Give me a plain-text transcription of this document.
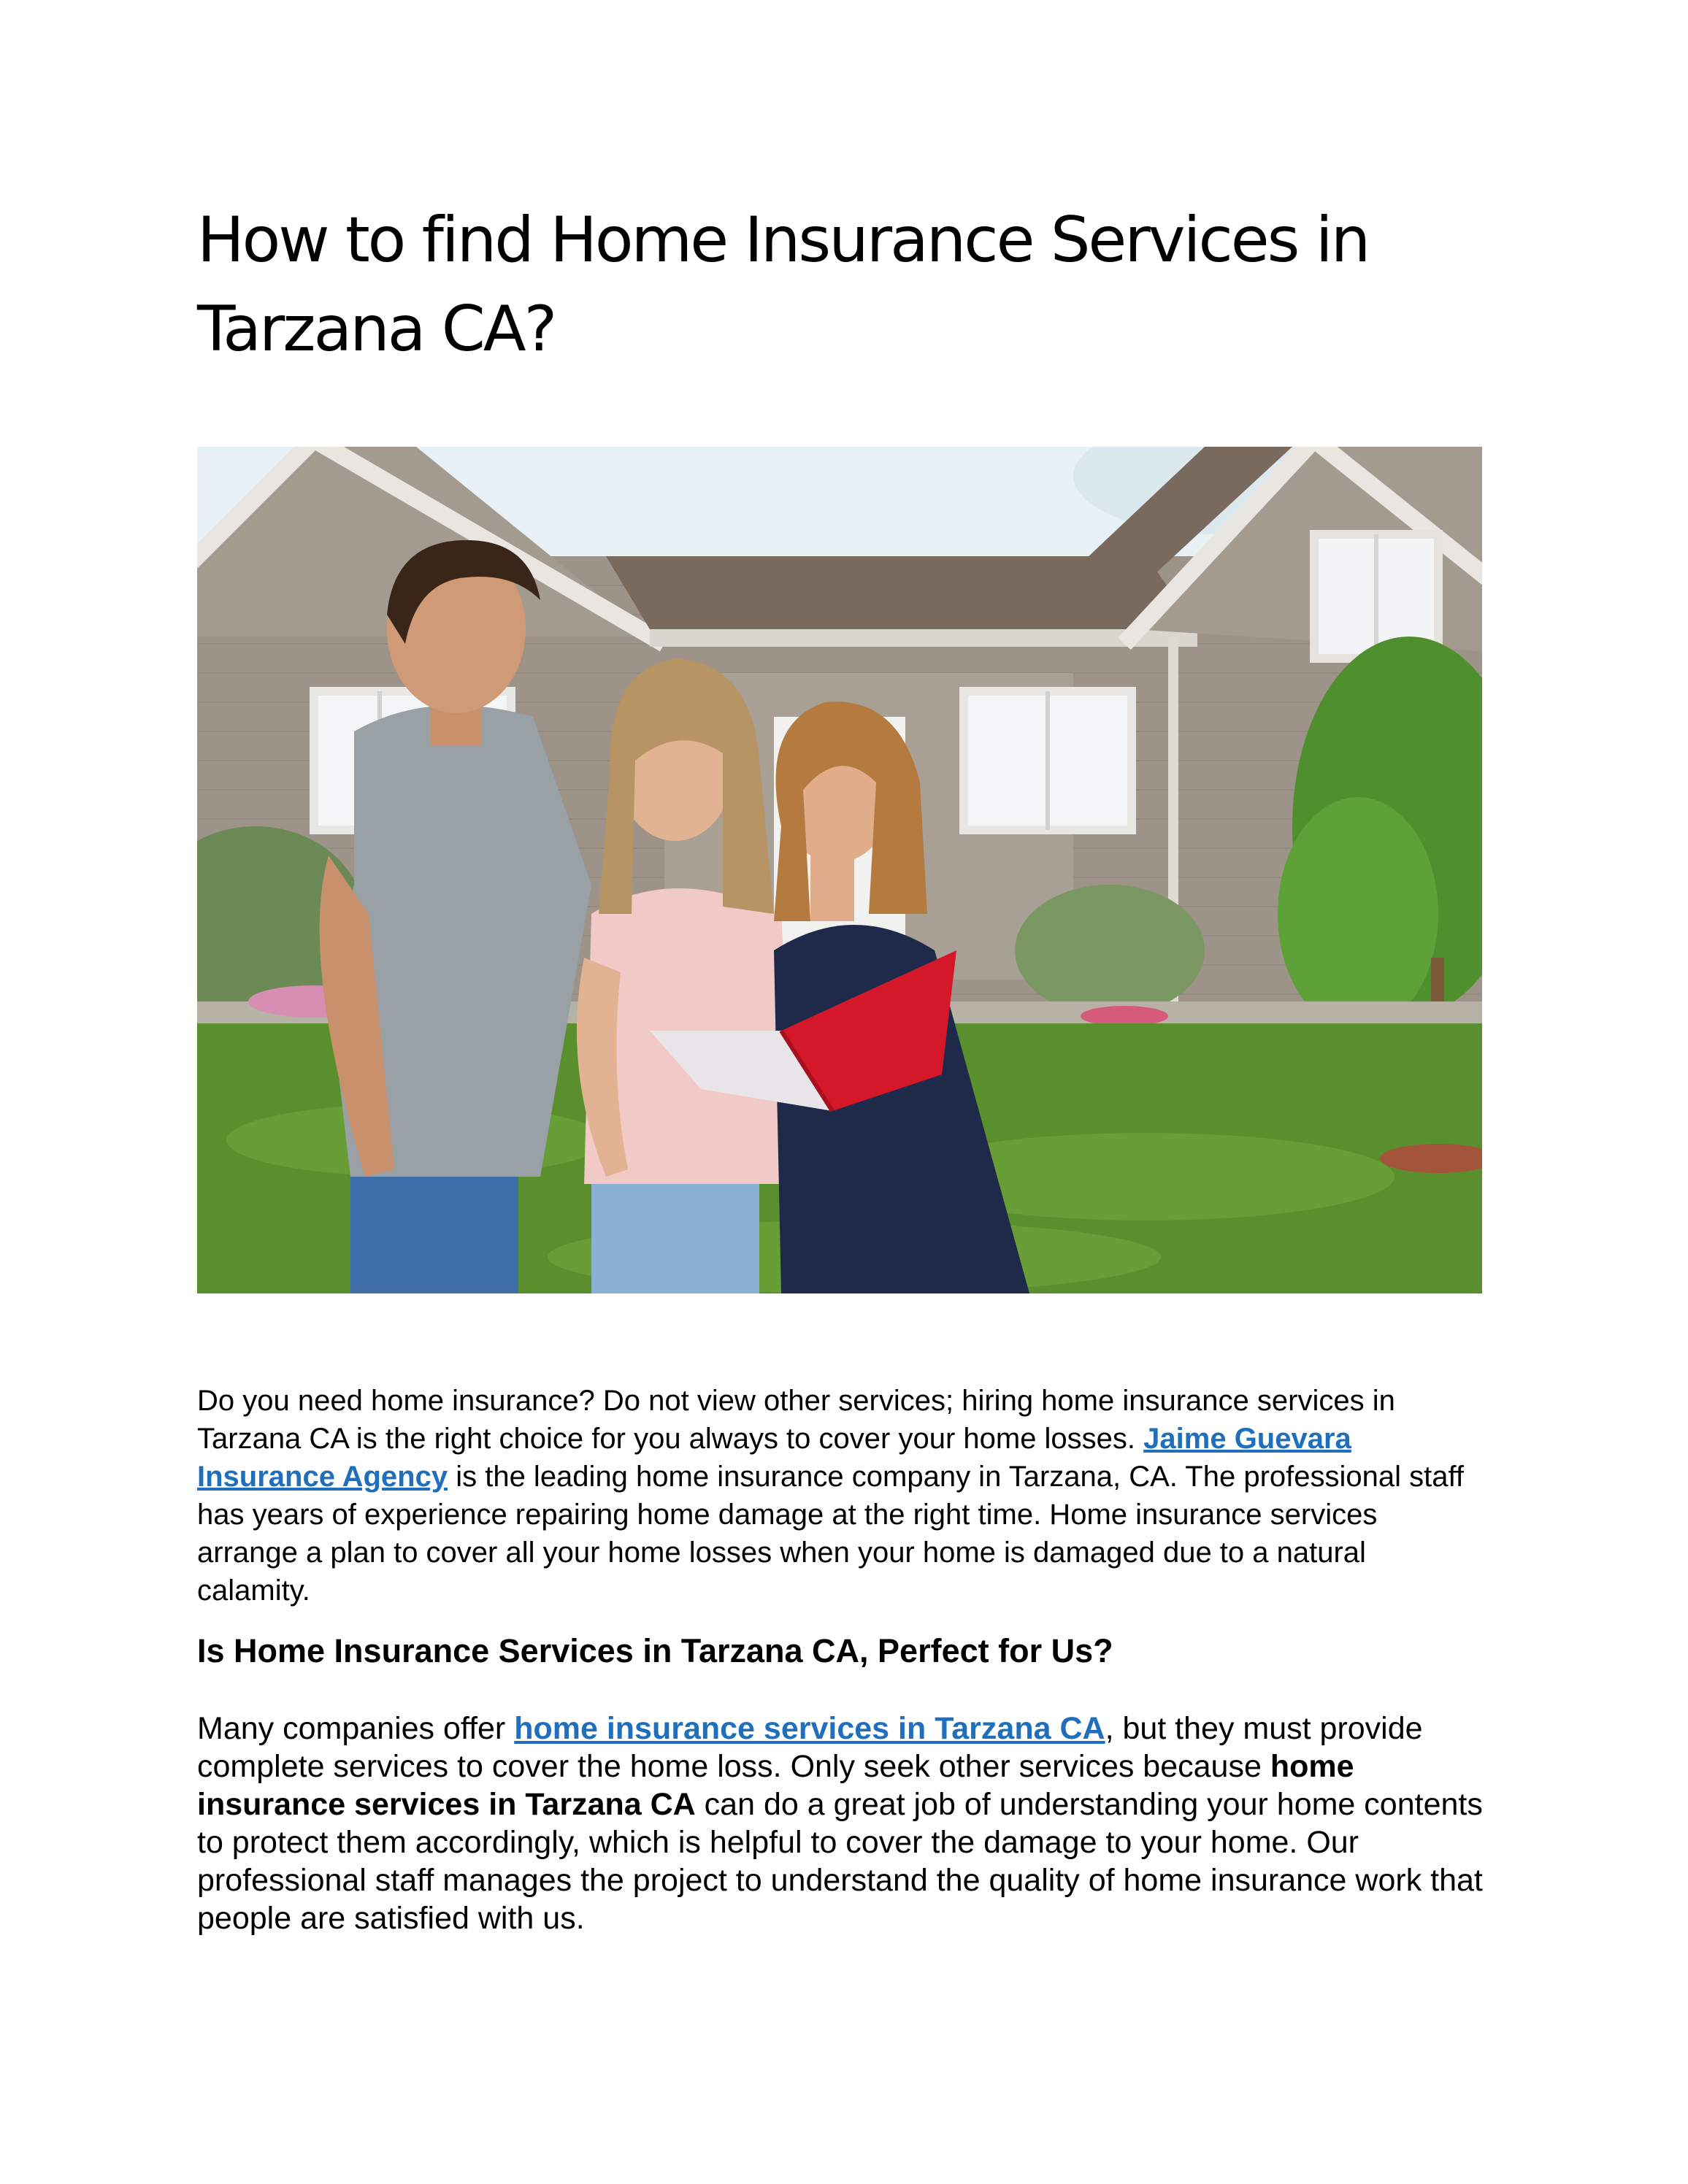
How to find Home Insurance Services in Tarzana CA?

Do you need home insurance? Do not view other services; hiring home insurance services in Tarzana CA is the right choice for you always to cover your home losses. Jaime Guevara Insurance Agency is the leading home insurance company in Tarzana, CA. The professional staff has years of experience repairing home damage at the right time. Home insurance services arrange a plan to cover all your home losses when your home is damaged due to a natural calamity.

Is Home Insurance Services in Tarzana CA, Perfect for Us?

Many companies offer home insurance services in Tarzana CA, but they must provide complete services to cover the home loss. Only seek other services because home insurance services in Tarzana CA can do a great job of understanding your home contents to protect them accordingly, which is helpful to cover the damage to your home. Our professional staff manages the project to understand the quality of home insurance work that people are satisfied with us.
